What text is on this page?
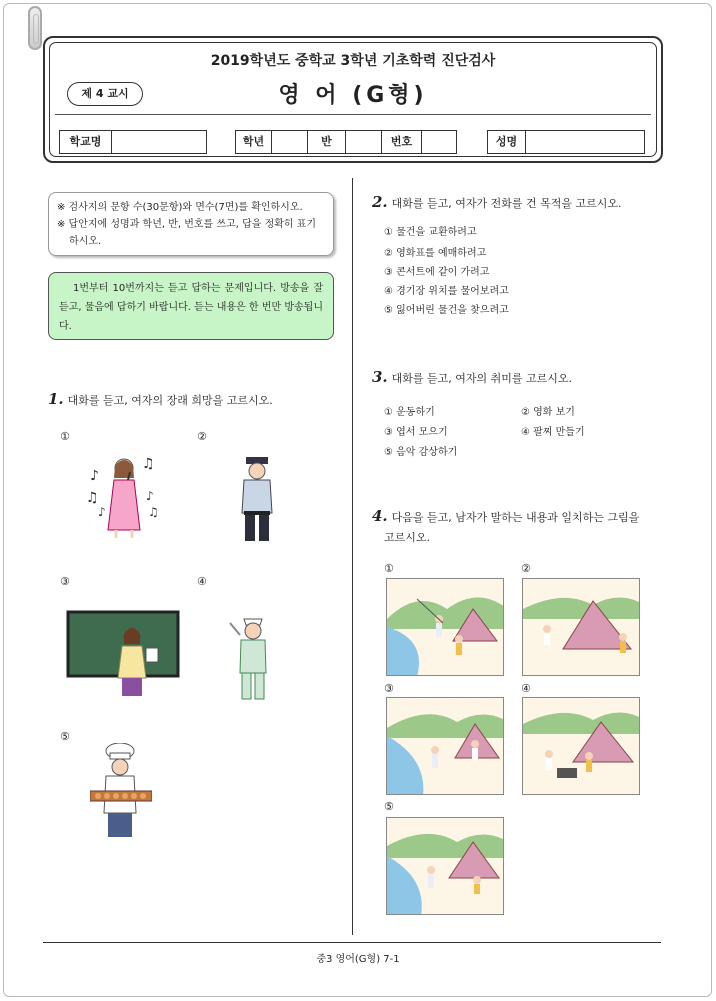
2019학년도 중학교 3학년 기초학력 진단검사
제 4 교시	영 어 (G형)
학교명	학년	반	번호	성명

※ 검사지의 문항 수(30문항)와 면수(7면)를 확인하시오.

※ 답안지에 성명과 학년, 반, 번호를 쓰고, 답을 정확히 표기하시오.

1번부터 10번까지는 듣고 답하는 문제입니다. 방송을 잘 듣고, 물음에 답하기 바랍니다. 듣는 내용은 한 번만 방송됩니다.
1. 대화를 듣고, 여자의 장래 희망을 고르시오.
①	②
③	④
⑤
♪
♫
♫	♪
♪	♫
2. 대화를 듣고, 여자가 전화를 건 목적을 고르시오.
① 물건을 교환하려고
② 영화표를 예매하려고
③ 콘서트에 같이 가려고
④ 경기장 위치를 물어보려고
⑤ 잃어버린 물건을 찾으려고
3. 대화를 듣고, 여자의 취미를 고르시오.
① 운동하기	② 영화 보기
③ 엽서 모으기	④ 팔찌 만들기
⑤ 음악 감상하기
4. 다음을 듣고, 남자가 말하는 내용과 일치하는 그림을
고르시오.
①	②
③	④
⑤
중3 영어(G형) 7-1
